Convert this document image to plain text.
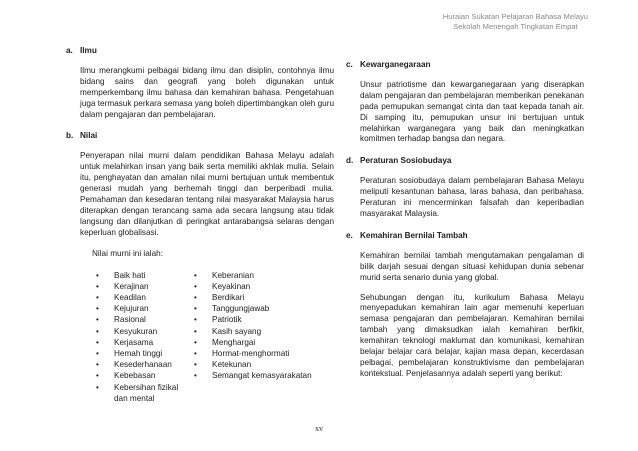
Huraian Sukatan Pelajaran Bahasa Melayu
Sekolah Menengah Tingkatan Empat
a. Ilmu

Ilmu merangkumi pelbagai bidang ilmu dan disiplin, contohnya ilmu bidang sains dan geografi yang boleh digunakan untuk memperkembang ilmu bahasa dan kemahiran bahasa. Pengetahuan juga termasuk perkara semasa yang boleh dipertimbangkan oleh guru dalam pengajaran dan pembelajaran.

b. Nilai

Penyerapan nilai murni dalam pendidikan Bahasa Melayu adalah untuk melahirkan insan yang baik serta memiliki akhlak mulia. Selain itu, penghayatan dan amalan nilai murni bertujuan untuk membentuk generasi mudah yang berhemah tinggi dan berperibadi mulia. Pemahaman dan kesedaran tentang nilai masyarakat Malaysia harus diterapkan dengan terancang sama ada secara langsung atau tidak langsung dan dilanjutkan di peringkat antarabangsa selaras dengan keperluan globalisasi.

Nilai murni ini ialah:
• Baik hati
• Kerajinan
• Keadilan
• Kejujuran
• Rasional
• Kesyukuran
• Kerjasama
• Hemah tinggi
• Kesederhanaan
• Kebebasan
• Kebersihan fizikal dan mental
• Keberanian
• Keyakinan
• Berdikari
• Tanggungjawab
• Patriotik
• Kasih sayang
• Menghargai
• Hormat-menghormati
• Ketekunan
• Semangat kemasyarakatan
c. Kewarganegaraan

Unsur patriotisme dan kewarganegaraan yang diserapkan dalam pengajaran dan pembelajaran memberikan penekanan pada pemupukan semangat cinta dan taat kepada tanah air. Di samping itu, pemupukan unsur ini bertujuan untuk melahirkan warganegara yang baik dan meningkatkan komitmen terhadap bangsa dan negara.

d. Peraturan Sosiobudaya

Peraturan sosiobudaya dalam pembelajaran Bahasa Melayu meliputi kesantunan bahasa, laras bahasa, dan peribahasa. Peraturan ini mencerminkan falsafah dan keperibadian masyarakat Malaysia.

e. Kemahiran Bernilai Tambah

Kemahiran bernilai tambah mengutamakan pengalaman di bilik darjah sesuai dengan situasi kehidupan dunia sebenar murid serta senario dunia yang global.

Sehubungan dengan itu, kurikulum Bahasa Melayu menyepadukan kemahiran lain agar memenuhi keperluan semasa pengajaran dan pembelajaran. Kemahiran bernilai tambah yang dimaksudkan ialah kemahiran berfikir, kemahiran teknologi maklumat dan komunikasi, kemahiran belajar belajar cara belajar, kajian masa depan, kecerdasan pelbagai, pembelajaran konstruktivisme dan pembelajaran kontekstual. Penjelasannya adalah seperti yang berikut:

xv
